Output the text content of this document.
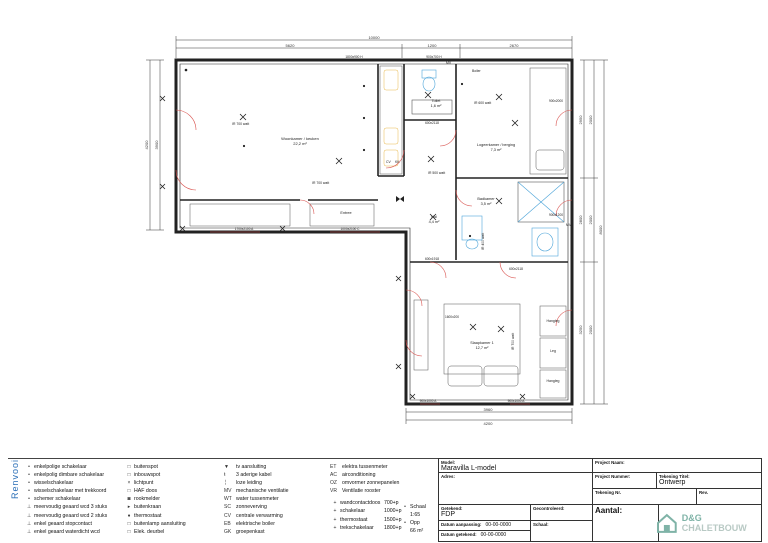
10000
5620	1200	2670
3960
4200
2950
2800
3250
8000
2000
2000
2000
4200 3900
Woonkamer / keuken
22,2 m²
Toilet
1,6 m²
Logeerkamer / berging
7,3 m²
Badkamer
3,5 m²
Hal
4,4 m²
Slaapkamer 1
12,7 m²
Entree
Hangleg
Leg
Hangleg
IR 700 watt
IR 700 watt
IR 600 watt
IR 500 watt
IR 400 watt
IR 700 watt
CV KK
Boiler
MV
MV
1800x900 H	900x700 H
900x2000
1700x2100 A	1000x2100 C
600x2118
600x1918
600x2118
900x1200
1600x200
900x1000 A	900x1000 A
Renvooi	• enkelpolige schakelaar
• enkelpolig dimbare schakelaar
• wisselschakelaar
• wisselschakelaar met trekkoord
• schemer schakelaar
⊥ meervoudig geaard wcd 3 stuks
⊥ meervoudig geaard wcd 2 stuks
⊥ enkel geaard stopcontact
⊥ enkel geaard waterdicht wcd
□ buitenspot
□ inbouwspot
× lichtpunt
□ HAF doos
◙ rookmelder
▸ buitenkraan
♦ thermostaat
□ buitenlamp aansluiting
□ Elek. deurbel
▼	tv aansluiting
ŧ	3 aderige kabel
╎	loze leiding
MV mechanische ventilatie
WT water tussenmeter
SC zonneverving
CV centrale verwarming
EB	elektrische boiler
GK groepenkast
ET	elektra tussenmeter
AC airconditioning
OZ omvormer zonnepanelen
VR Ventilatie rooster
+ wandcontactdoos 700+p
+ schakelaar	1000+p
+ thermostaat	1500+p
+ trekschakelaar	1800+p
• Schaal
1:65
• Opp
66 m²
Model:
Maravilla L-model
Project Naam:
Adres:	Project Nummer:	Tekening Titel:
Ontwerp
Tekening Nr.	Rev.
Getekend:
FDP
Gecontroleerd:	Aantal:
Datum aanpassing: 00-00-0000	Schaal:
Datum getekend: 00-00-0000
D&G CHALETBOUW
